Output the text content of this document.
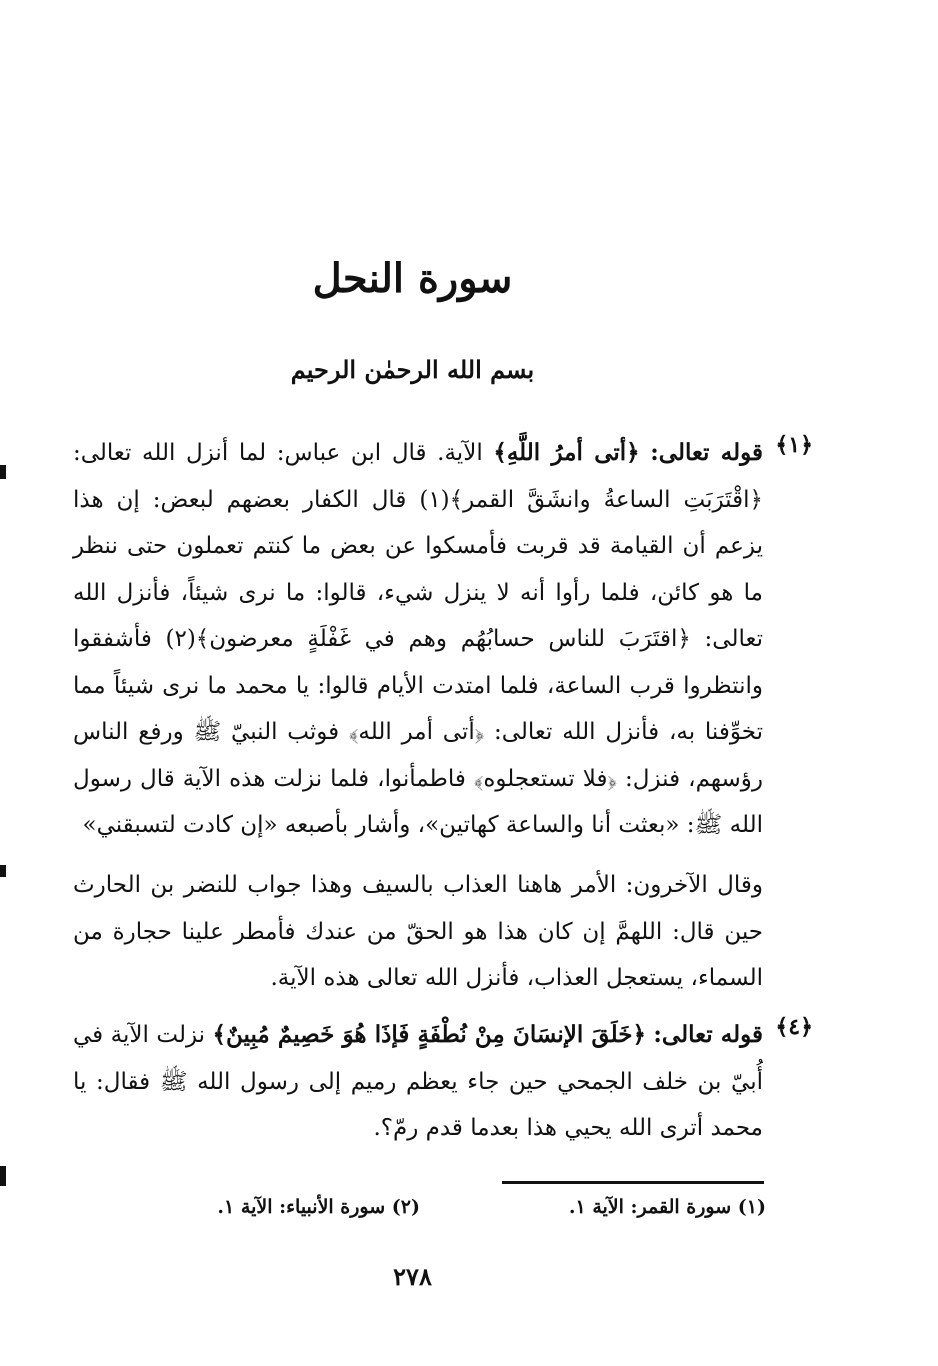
سورة النحل
بسم الله الرحمٰن الرحيم
﴿١﴾
قوله تعالى: ﴿أتى أمرُ اللَّهِ﴾ الآية. قال ابن عباس: لما أنزل الله تعالى: ﴿اقْتَرَبَتِ الساعةُ وانشَقَّ القمر﴾(١) قال الكفار بعضهم لبعض: إن هذا يزعم أن القيامة قد قربت فأمسكوا عن بعض ما كنتم تعملون حتى ننظر ما هو كائن، فلما رأوا أنه لا ينزل شيء، قالوا: ما نرى شيئاً، فأنزل الله تعالى: ﴿اقتَرَبَ للناس حسابُهُم وهم في غَفْلَةٍ معرضون﴾(٢) فأشفقوا وانتظروا قرب الساعة، فلما امتدت الأيام قالوا: يا محمد ما نرى شيئاً مما تخوِّفنا به، فأنزل الله تعالى: ﴿أتى أمر الله﴾ فوثب النبيّ ﷺ ورفع الناس رؤسهم، فنزل: ﴿فلا تستعجلوه﴾ فاطمأنوا، فلما نزلت هذه الآية قال رسول الله ﷺ: «بعثت أنا والساعة كهاتين»، وأشار بأصبعه «إن كادت لتسبقني»
وقال الآخرون: الأمر هاهنا العذاب بالسيف وهذا جواب للنضر بن الحارث حين قال: اللهمَّ إن كان هذا هو الحقّ من عندك فأمطر علينا حجارة من السماء، يستعجل العذاب، فأنزل الله تعالى هذه الآية.
﴿٤﴾
قوله تعالى: ﴿خَلَقَ الإنسَانَ مِنْ نُطْفَةٍ فَإذَا هُوَ خَصِيمٌ مُبِينٌ﴾ نزلت الآية في أُبيّ بن خلف الجمحي حين جاء يعظم رميم إلى رسول الله ﷺ فقال: يا محمد أترى الله يحيي هذا بعدما قدم رمّ؟.
(١) سورة القمر: الآية ١.
(٢) سورة الأنبياء: الآية ١.
٢٧٨
